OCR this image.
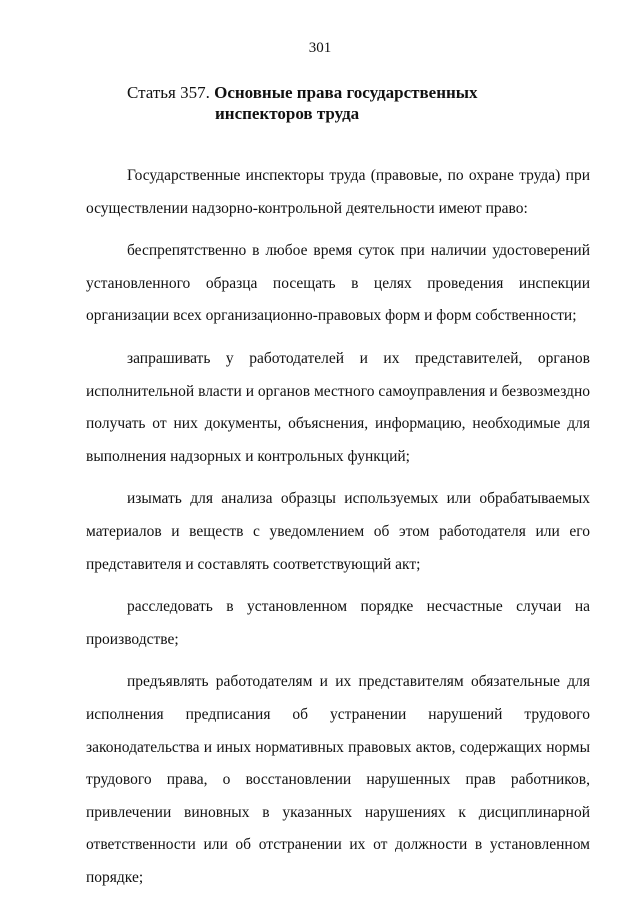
301
Статья 357. Основные права государственных
инспекторов труда

Государственные инспекторы труда (правовые, по охране труда) при осуществлении надзорно-контрольной деятельности имеют право:

беспрепятственно в любое время суток при наличии удостоверений установленного образца посещать в целях проведения инспекции организации всех организационно-правовых форм и форм собственности;

запрашивать у работодателей и их представителей, органов исполнительной власти и органов местного самоуправления и безвозмездно получать от них документы, объяснения, информацию, необходимые для выполнения надзорных и контрольных функций;

изымать для анализа образцы используемых или обрабатываемых материалов и веществ с уведомлением об этом работодателя или его представителя и составлять соответствующий акт;

расследовать в установленном порядке несчастные случаи на производстве;

предъявлять работодателям и их представителям обязательные для исполнения предписания об устранении нарушений трудового законодательства и иных нормативных правовых актов, содержащих нормы трудового права, о восстановлении нарушенных прав работников, привлечении виновных в указанных нарушениях к дисциплинарной ответственности или об отстранении их от должности в установленном порядке;
